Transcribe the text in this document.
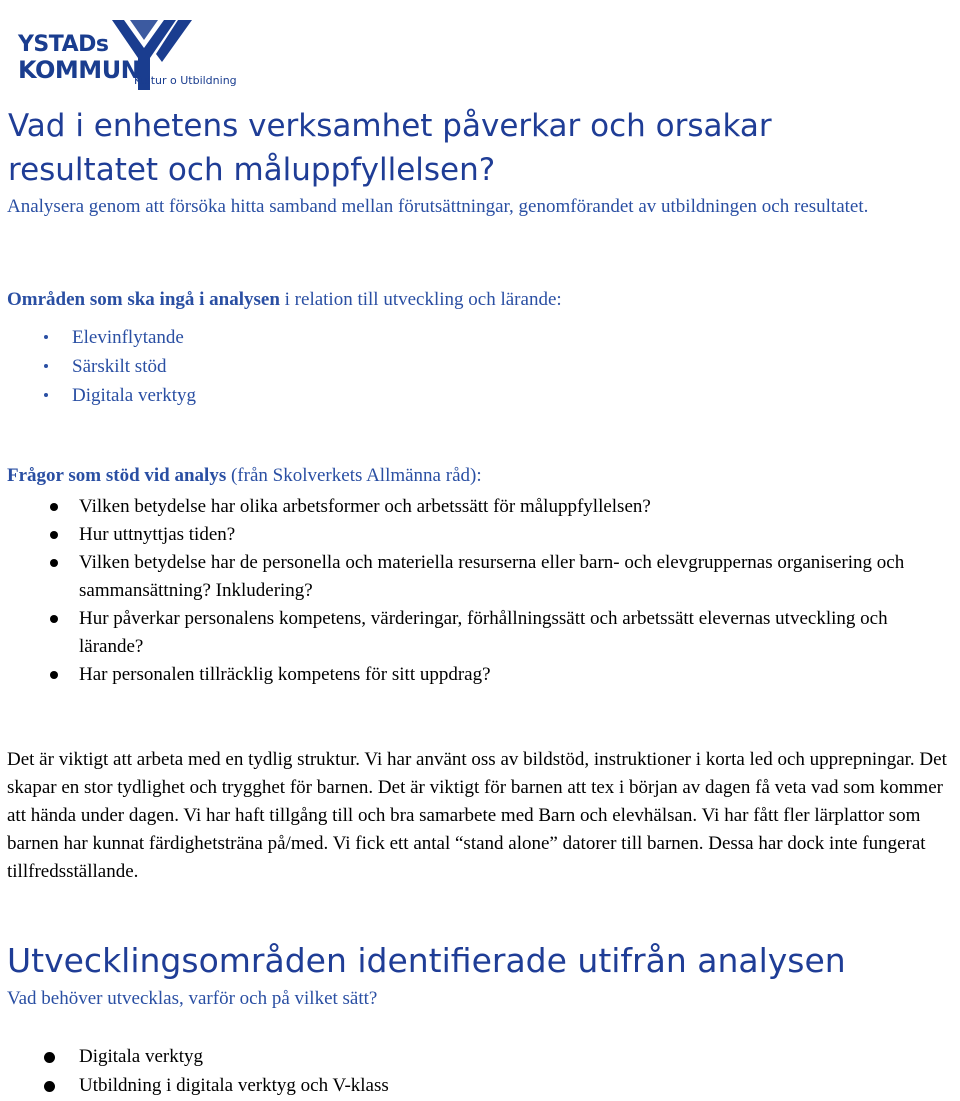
YSTADs
KOMMUN
Kultur o Utbildning
Vad i enhetens verksamhet påverkar och orsakar
resultatet och måluppfyllelsen?

Analysera genom att försöka hitta samband mellan förutsättningar, genomförandet av utbildningen och resultatet.

Områden som ska ingå i analysen i relation till utveckling och lärande:

Elevinflytande
Särskilt stöd
Digitala verktyg

Frågor som stöd vid analys (från Skolverkets Allmänna råd):

Vilken betydelse har olika arbetsformer och arbetssätt för måluppfyllelsen?
Hur uttnyttjas tiden?
Vilken betydelse har de personella och materiella resurserna eller barn- och elevgruppernas organisering och sammansättning? Inkludering?
Hur påverkar personalens kompetens, värderingar, förhållningssätt och arbetssätt elevernas utveckling och lärande?
Har personalen tillräcklig kompetens för sitt uppdrag?

Det är viktigt att arbeta med en tydlig struktur. Vi har använt oss av bildstöd, instruktioner i korta led och upprepningar. Det skapar en stor tydlighet och trygghet för barnen. Det är viktigt för barnen att tex i början av dagen få veta vad som kommer att hända under dagen. Vi har haft tillgång till och bra samarbete med Barn och elevhälsan. Vi har fått fler lärplattor som barnen har kunnat färdighetsträna på/med. Vi fick ett antal “stand alone” datorer till barnen. Dessa har dock inte fungerat tillfredsställande.

Utvecklingsområden identifierade utifrån analysen

Vad behöver utvecklas, varför och på vilket sätt?

Digitala verktyg
Utbildning i digitala verktyg och V-klass
